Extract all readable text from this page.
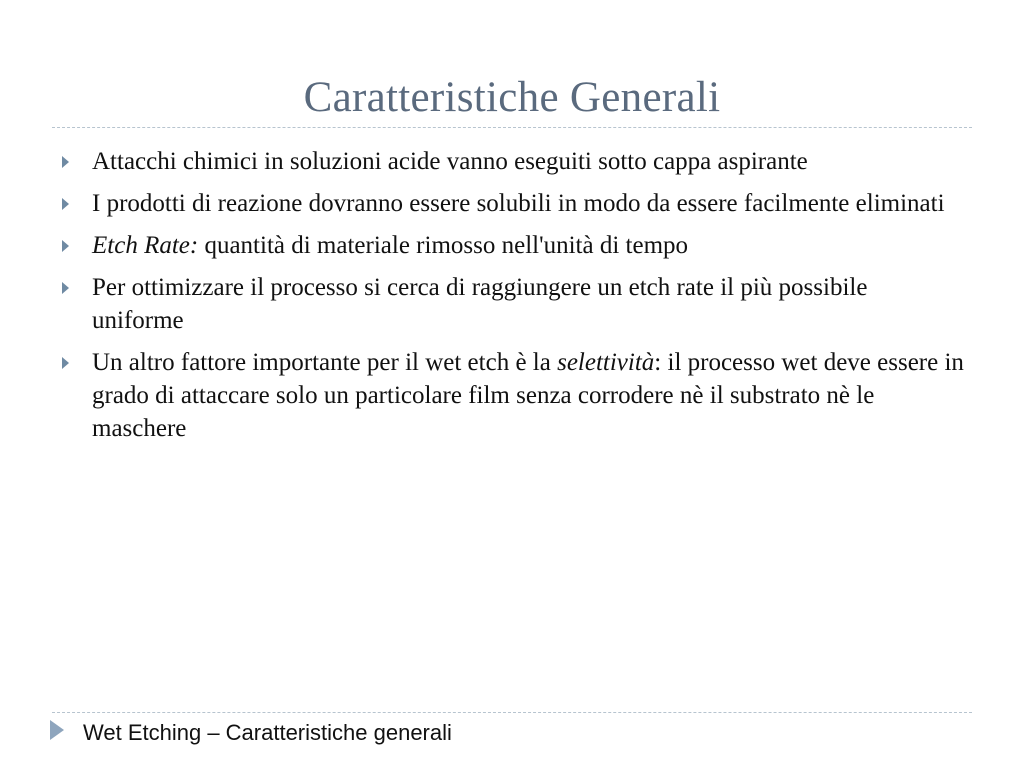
Caratteristiche Generali
Attacchi chimici in soluzioni acide vanno eseguiti sotto cappa aspirante
I prodotti di reazione dovranno essere solubili in modo da essere facilmente eliminati
Etch Rate: quantità di materiale rimosso nell'unità di tempo
Per ottimizzare il processo si cerca di raggiungere un etch rate il più possibile uniforme
Un altro fattore importante per il wet etch è la selettività: il processo wet deve essere in grado di attaccare solo un particolare film senza corrodere nè il substrato nè le maschere
Wet Etching – Caratteristiche generali
